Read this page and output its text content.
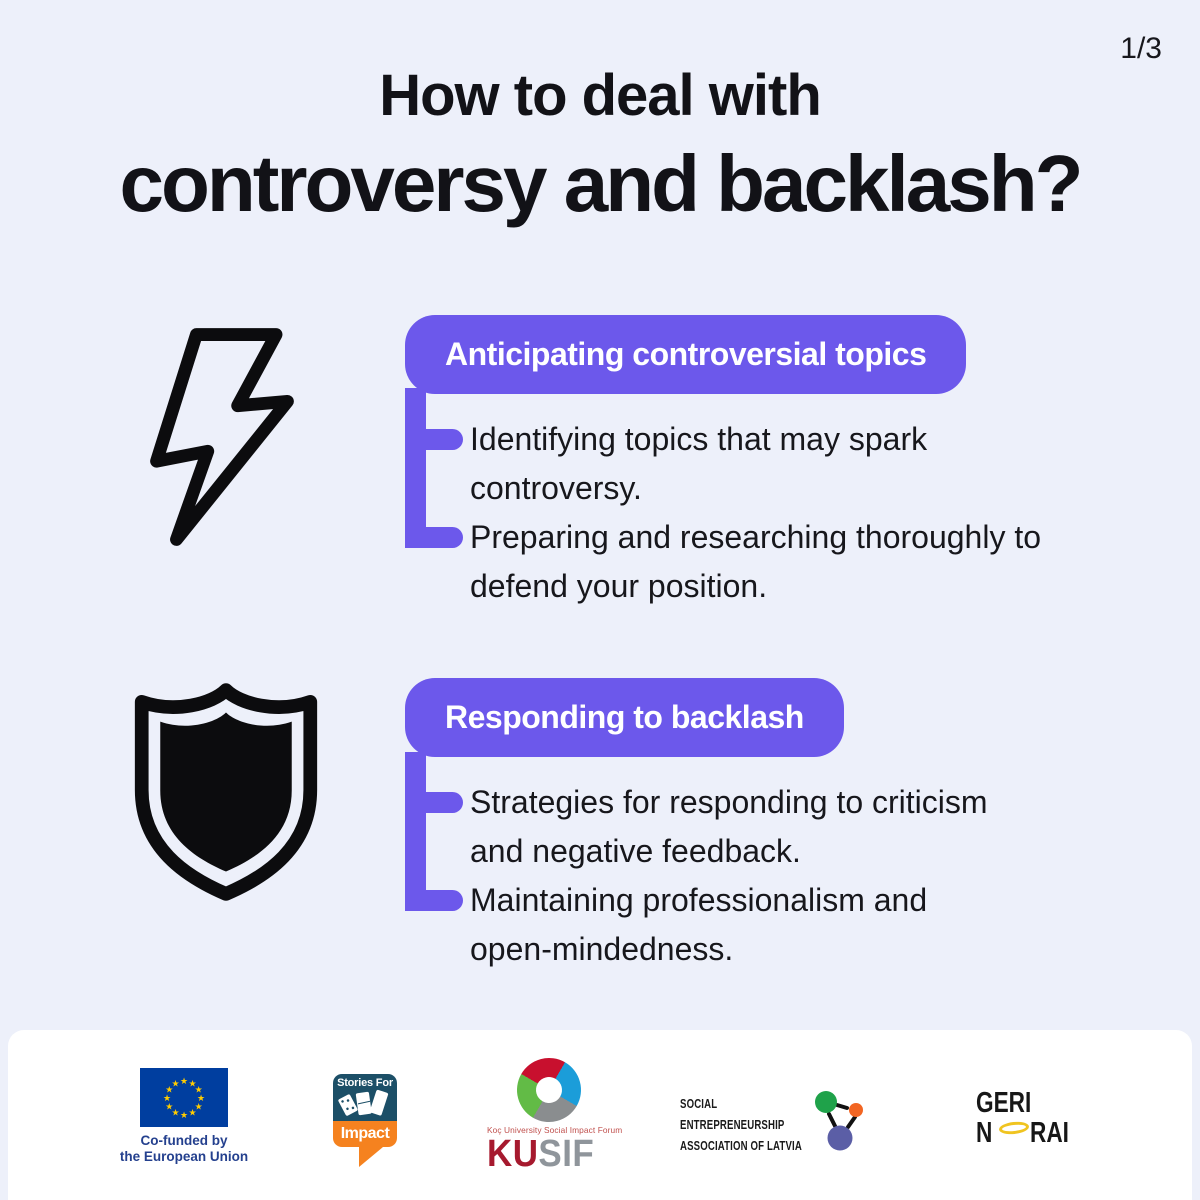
1/3
How to deal with
controversy and backlash?
Anticipating controversial topics
Identifying topics that may spark
controversy.
Preparing and researching thoroughly to
defend your position.
Responding to backlash
Strategies for responding to criticism
and negative feedback.
Maintaining professionalism and
open-mindedness.
★ ★
★
★
★
★
★
★
★
★
★
★
Co-funded by
the European Union
Stories For
Impact	Koç University Social Impact Forum
KUSIF
SOCIAL
ENTREPRENEURSHIP
ASSOCIATION OF LATVIA
GERI
N RAI
